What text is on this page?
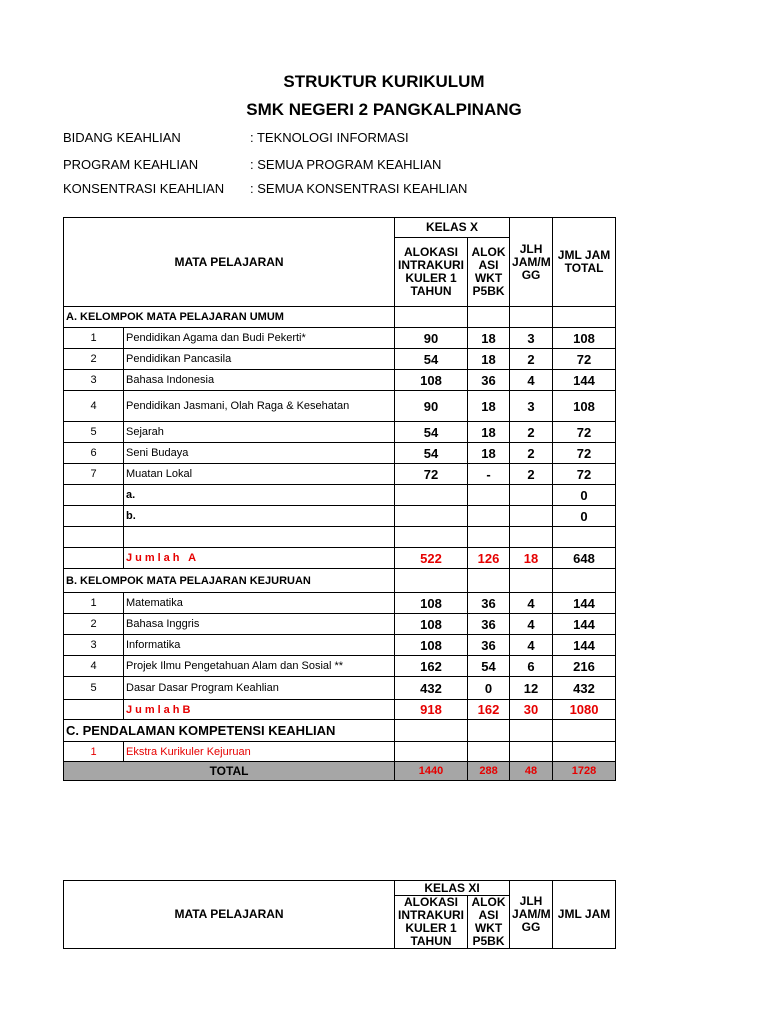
STRUKTUR KURIKULUM
SMK NEGERI 2 PANGKALPINANG
BIDANG KEAHLIAN	: TEKNOLOGI INFORMASI
PROGRAM KEAHLIAN	: SEMUA PROGRAM KEAHLIAN
KONSENTRASI KEAHLIAN : SEMUA KONSENTRASI KEAHLIAN
MATA PELAJARAN		KELAS X		JLH JAM/M GG	JML JAM TOTAL
		ALOKASI INTRAKURI KULER 1 TAHUN	ALOK ASI WKT P5BK		
A. KELOMPOK MATA PELAJARAN UMUM					
1	Pendidikan Agama dan Budi Pekerti*	90	18	3	108
2	Pendidikan Pancasila	54	18	2	72
3	Bahasa Indonesia	108	36	4	144
4	Pendidikan Jasmani, Olah Raga & Kesehatan	90	18	3	108
5	Sejarah	54	18	2	72
6	Seni Budaya	54	18	2	72
7	Muatan Lokal	72	-	2	72
	a.				0
	b.				0

	Jumlah A	522	126	18	648
B. KELOMPOK MATA PELAJARAN KEJURUAN					
1	Matematika	108	36	4	144
2	Bahasa Inggris	108	36	4	144
3	Informatika	108	36	4	144
4	Projek Ilmu Pengetahuan Alam dan Sosial **	162	54	6	216
5	Dasar Dasar Program Keahlian	432	0	12	432
	JumlahB	918	162	30	1080
C. PENDALAMAN KOMPETENSI KEAHLIAN					
1	Ekstra Kurikuler Kejuruan				
TOTAL		1440	288	48	1728
MATA PELAJARAN	KELAS XI		JLH JAM/M GG	JML JAM
	ALOKASI INTRAKURI KULER 1 TAHUN	ALOK ASI WKT P5BK		
